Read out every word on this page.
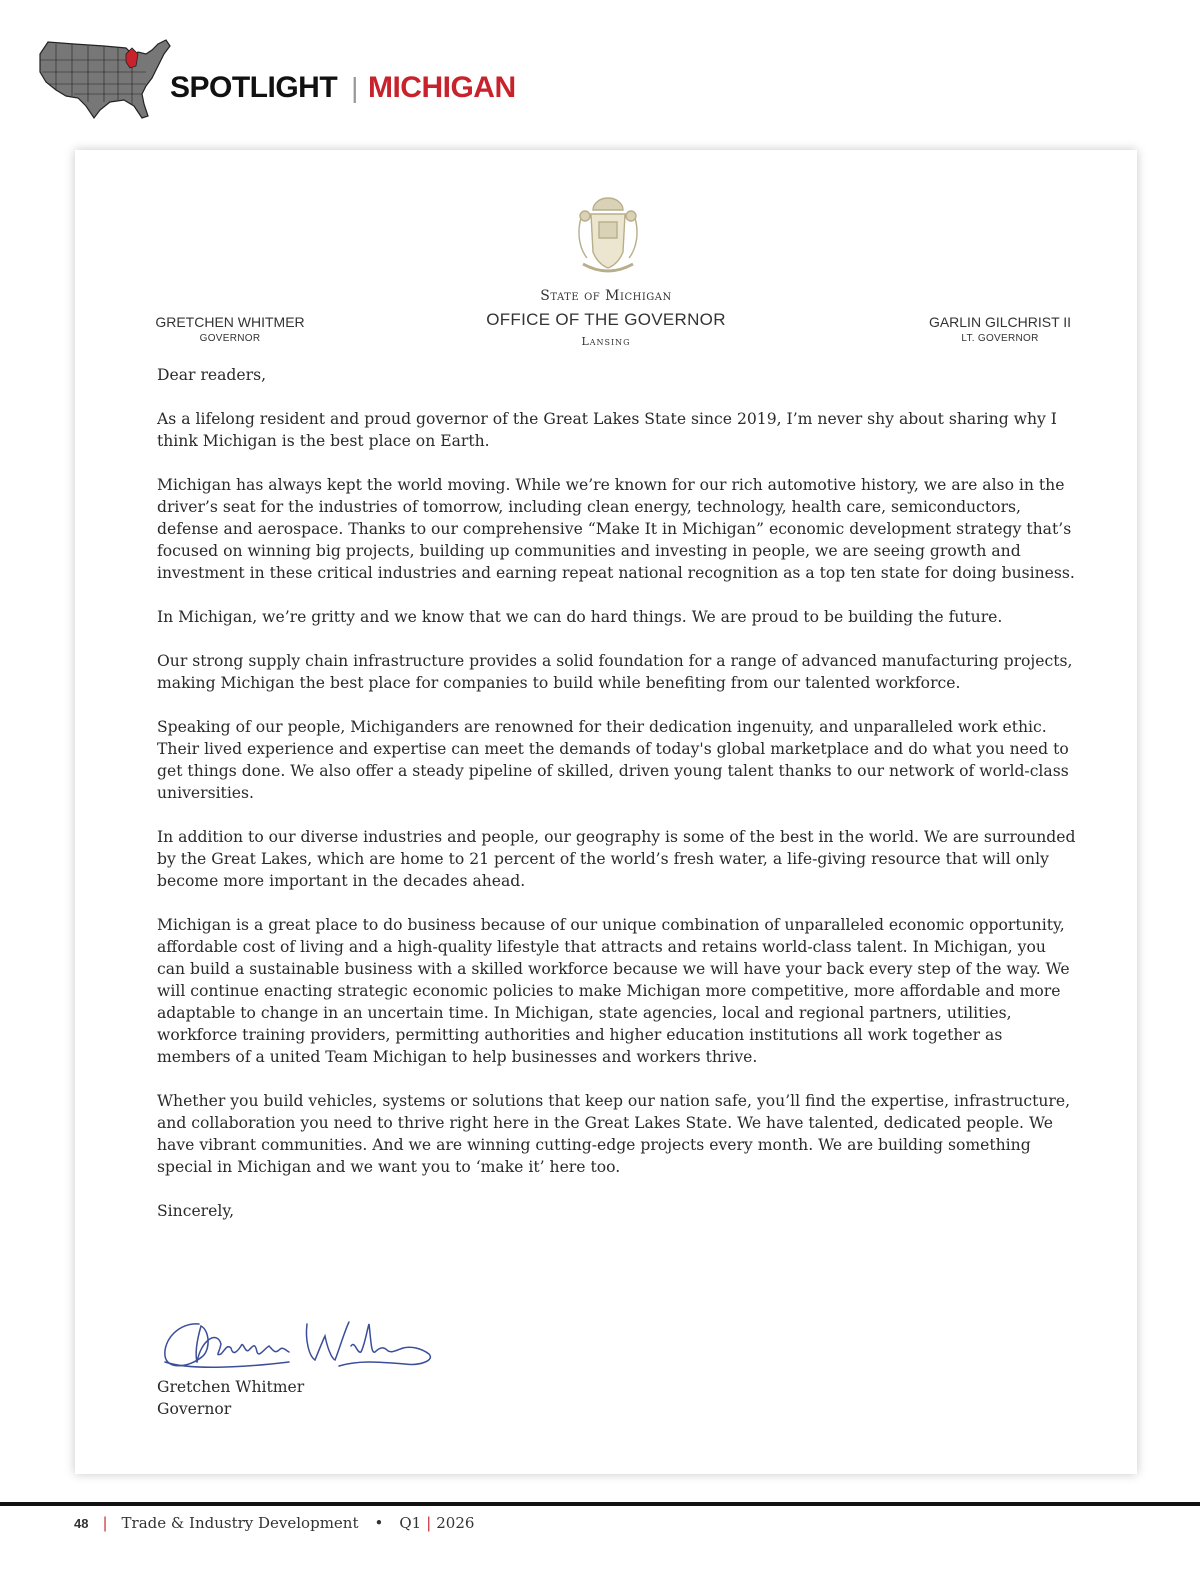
SPOTLIGHT | MICHIGAN
State of Michigan
OFFICE OF THE GOVERNOR
Lansing
GRETCHEN WHITMER
GOVERNOR
GARLIN GILCHRIST II
LT. GOVERNOR

Dear readers,

As a lifelong resident and proud governor of the Great Lakes State since 2019, I’m never shy about sharing why I think Michigan is the best place on Earth.

Michigan has always kept the world moving. While we’re known for our rich automotive history, we are also in the driver’s seat for the industries of tomorrow, including clean energy, technology, health care, semiconductors, defense and aerospace. Thanks to our comprehensive “Make It in Michigan” economic development strategy that’s focused on winning big projects, building up communities and investing in people, we are seeing growth and investment in these critical industries and earning repeat national recognition as a top ten state for doing business.

In Michigan, we’re gritty and we know that we can do hard things. We are proud to be building the future.

Our strong supply chain infrastructure provides a solid foundation for a range of advanced manufacturing projects, making Michigan the best place for companies to build while benefiting from our talented workforce.

Speaking of our people, Michiganders are renowned for their dedication ingenuity, and unparalleled work ethic. Their lived experience and expertise can meet the demands of today's global marketplace and do what you need to get things done. We also offer a steady pipeline of skilled, driven young talent thanks to our network of world-class universities.

In addition to our diverse industries and people, our geography is some of the best in the world. We are surrounded by the Great Lakes, which are home to 21 percent of the world’s fresh water, a life-giving resource that will only become more important in the decades ahead.

Michigan is a great place to do business because of our unique combination of unparalleled economic opportunity, affordable cost of living and a high-quality lifestyle that attracts and retains world-class talent. In Michigan, you can build a sustainable business with a skilled workforce because we will have your back every step of the way. We will continue enacting strategic economic policies to make Michigan more competitive, more affordable and more adaptable to change in an uncertain time. In Michigan, state agencies, local and regional partners, utilities, workforce training providers, permitting authorities and higher education institutions all work together as members of a united Team Michigan to help businesses and workers thrive.

Whether you build vehicles, systems or solutions that keep our nation safe, you’ll find the expertise, infrastructure, and collaboration you need to thrive right here in the Great Lakes State. We have talented, dedicated people. We have vibrant communities. And we are winning cutting-edge projects every month. We are building something special in Michigan and we want you to ‘make it’ here too.

Sincerely,

Gretchen Whitmer
Governor
48 | Trade & Industry Development • Q1 | 2026
